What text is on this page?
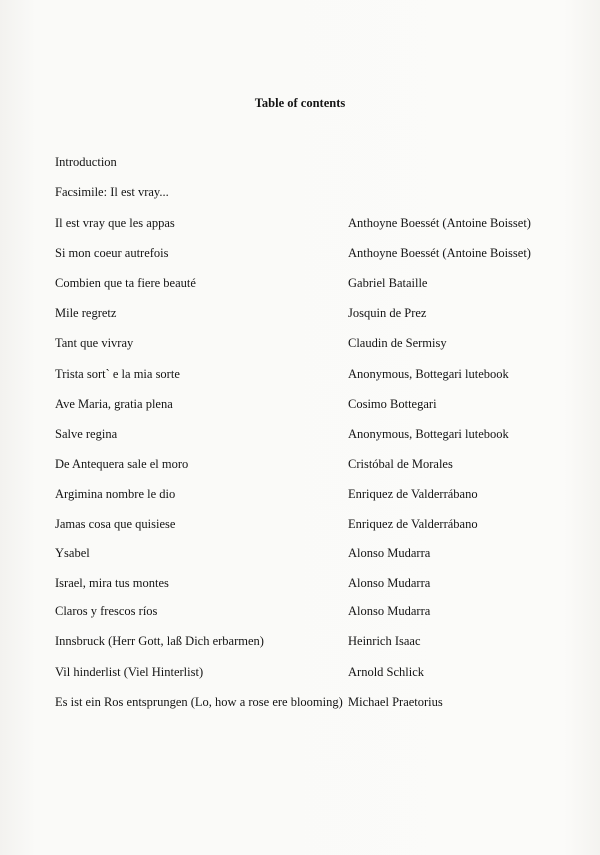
Table of contents
Introduction
Facsimile: Il est vray...
Il est vray que les appas	Anthoyne Boessét (Antoine Boisset)
Si mon coeur autrefois	Anthoyne Boessét (Antoine Boisset)
Combien que ta fiere beauté	Gabriel Bataille
Mile regretz	Josquin de Prez
Tant que vivray	Claudin de Sermisy
Trista sort` e la mia sorte	Anonymous, Bottegari lutebook
Ave Maria, gratia plena	Cosimo Bottegari
Salve regina	Anonymous, Bottegari lutebook
De Antequera sale el moro	Cristóbal de Morales
Argimina nombre le dio	Enriquez de Valderrábano
Jamas cosa que quisiese	Enriquez de Valderrábano
Ysabel	Alonso Mudarra
Israel, mira tus montes	Alonso Mudarra
Claros y frescos ríos	Alonso Mudarra
Innsbruck (Herr Gott, laß Dich erbarmen)	Heinrich Isaac
Vil hinderlist (Viel Hinterlist)	Arnold Schlick
Es ist ein Ros entsprungen (Lo, how a rose ere blooming) Michael Praetorius
